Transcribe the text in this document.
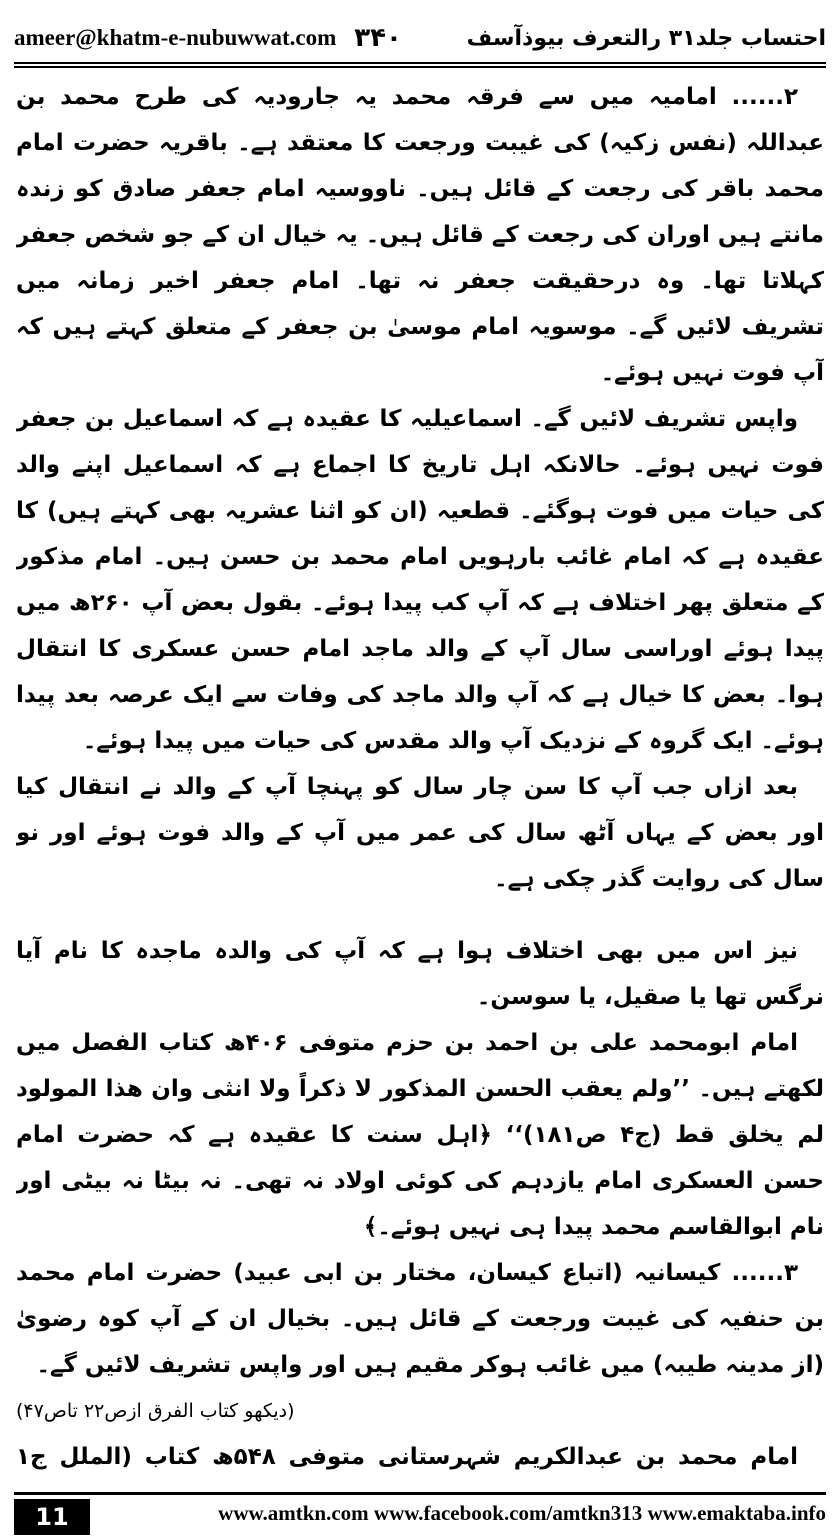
ameer@khatm-e-nubuwwat.com ۳۴۰	احتساب جلد۳۱ رالتعرف بیوذآسف

۲...... امامیہ میں سے فرقہ محمد یہ جارودیہ کی طرح محمد بن عبداللہ (نفس زکیہ) کی غیبت ورجعت کا معتقد ہے۔ باقریہ حضرت امام محمد باقر کی رجعت کے قائل ہیں۔ ناووسیہ امام جعفر صادق کو زندہ مانتے ہیں اوران کی رجعت کے قائل ہیں۔ یہ خیال ان کے جو شخص جعفر کہلاتا تھا۔ وہ درحقیقت جعفر نہ تھا۔ امام جعفر اخیر زمانہ میں تشریف لائیں گے۔ موسویہ امام موسیٰ بن جعفر کے متعلق کہتے ہیں کہ آپ فوت نہیں ہوئے۔

واپس تشریف لائیں گے۔ اسماعیلیہ کا عقیدہ ہے کہ اسماعیل بن جعفر فوت نہیں ہوئے۔ حالانکہ اہل تاریخ کا اجماع ہے کہ اسماعیل اپنے والد کی حیات میں فوت ہوگئے۔ قطعیہ (ان کو اثنا عشریہ بھی کہتے ہیں) کا عقیدہ ہے کہ امام غائب بارہویں امام محمد بن حسن ہیں۔ امام مذکور کے متعلق پھر اختلاف ہے کہ آپ کب پیدا ہوئے۔ بقول بعض آپ ۲۶۰ھ میں پیدا ہوئے اوراسی سال آپ کے والد ماجد امام حسن عسکری کا انتقال ہوا۔ بعض کا خیال ہے کہ آپ والد ماجد کی وفات سے ایک عرصہ بعد پیدا ہوئے۔ ایک گروہ کے نزدیک آپ والد مقدس کی حیات میں پیدا ہوئے۔

بعد ازاں جب آپ کا سن چار سال کو پہنچا آپ کے والد نے انتقال کیا اور بعض کے یہاں آٹھ سال کی عمر میں آپ کے والد فوت ہوئے اور نو سال کی روایت گذر چکی ہے۔

نیز اس میں بھی اختلاف ہوا ہے کہ آپ کی والدہ ماجدہ کا نام آیا نرگس تھا یا صقیل، یا سوسن۔

امام ابومحمد علی بن احمد بن حزم متوفی ۴۰۶ھ کتاب الفصل میں لکھتے ہیں۔ ’’ولم یعقب الحسن المذکور لا ذکراً ولا انثی وان ھذا المولود لم یخلق قط (ج۴ ص۱۸۱)‘‘ ﴿اہل سنت کا عقیدہ ہے کہ حضرت امام حسن العسکری امام یازدہم کی کوئی اولاد نہ تھی۔ نہ بیٹا نہ بیٹی اور نام ابوالقاسم محمد پیدا ہی نہیں ہوئے۔﴾

۳...... کیسانیہ (اتباع کیسان، مختار بن ابی عبید) حضرت امام محمد بن حنفیہ کی غیبت ورجعت کے قائل ہیں۔ بخیال ان کے آپ کوہ رضویٰ (از مدینہ طیبہ) میں غائب ہوکر مقیم ہیں اور واپس تشریف لائیں گے۔

(دیکھو کتاب الفرق ازص۲۲ تاص۴۷)

امام محمد بن عبدالکریم شہرستانی متوفی ۵۴۸ھ کتاب (الملل ج۱

11	www.amtkn.com www.facebook.com/amtkn313 www.emaktaba.info
